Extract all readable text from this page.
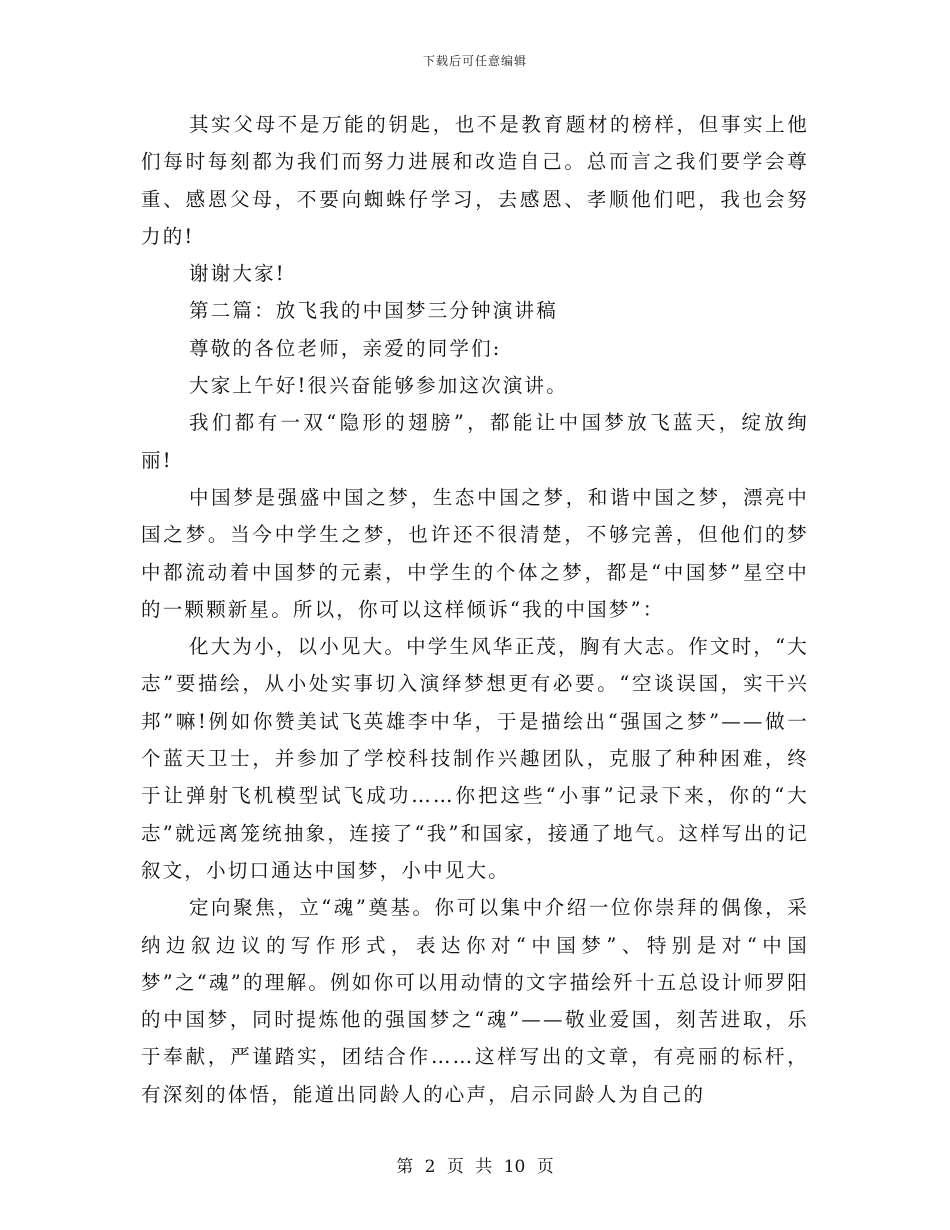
下载后可任意编辑

其实父母不是万能的钥匙，也不是教育题材的榜样，但事实上他们每时每刻都为我们而努力进展和改造自己。总而言之我们要学会尊重、感恩父母，不要向蜘蛛仔学习，去感恩、孝顺他们吧，我也会努力的!

谢谢大家!

第二篇：放飞我的中国梦三分钟演讲稿

尊敬的各位老师，亲爱的同学们:

大家上午好!很兴奋能够参加这次演讲。

我们都有一双“隐形的翅膀”，都能让中国梦放飞蓝天，绽放绚丽!

中国梦是强盛中国之梦，生态中国之梦，和谐中国之梦，漂亮中国之梦。当今中学生之梦，也许还不很清楚，不够完善，但他们的梦中都流动着中国梦的元素，中学生的个体之梦，都是“中国梦”星空中的一颗颗新星。所以，你可以这样倾诉“我的中国梦”：

化大为小，以小见大。中学生风华正茂，胸有大志。作文时，“大志”要描绘，从小处实事切入演绎梦想更有必要。“空谈误国，实干兴邦”嘛!例如你赞美试飞英雄李中华，于是描绘出“强国之梦”——做一个蓝天卫士，并参加了学校科技制作兴趣团队，克服了种种困难，终于让弹射飞机模型试飞成功……你把这些“小事”记录下来，你的“大志”就远离笼统抽象，连接了“我”和国家，接通了地气。这样写出的记叙文，小切口通达中国梦，小中见大。

定向聚焦，立“魂”奠基。你可以集中介绍一位你崇拜的偶像，采纳边叙边议的写作形式，表达你对“中国梦”、特别是对“中国梦”之“魂”的理解。例如你可以用动情的文字描绘歼十五总设计师罗阳的中国梦，同时提炼他的强国梦之“魂”——敬业爱国，刻苦进取，乐于奉献，严谨踏实，团结合作……这样写出的文章，有亮丽的标杆，有深刻的体悟，能道出同龄人的心声，启示同龄人为自己的

第 2 页 共 10 页
